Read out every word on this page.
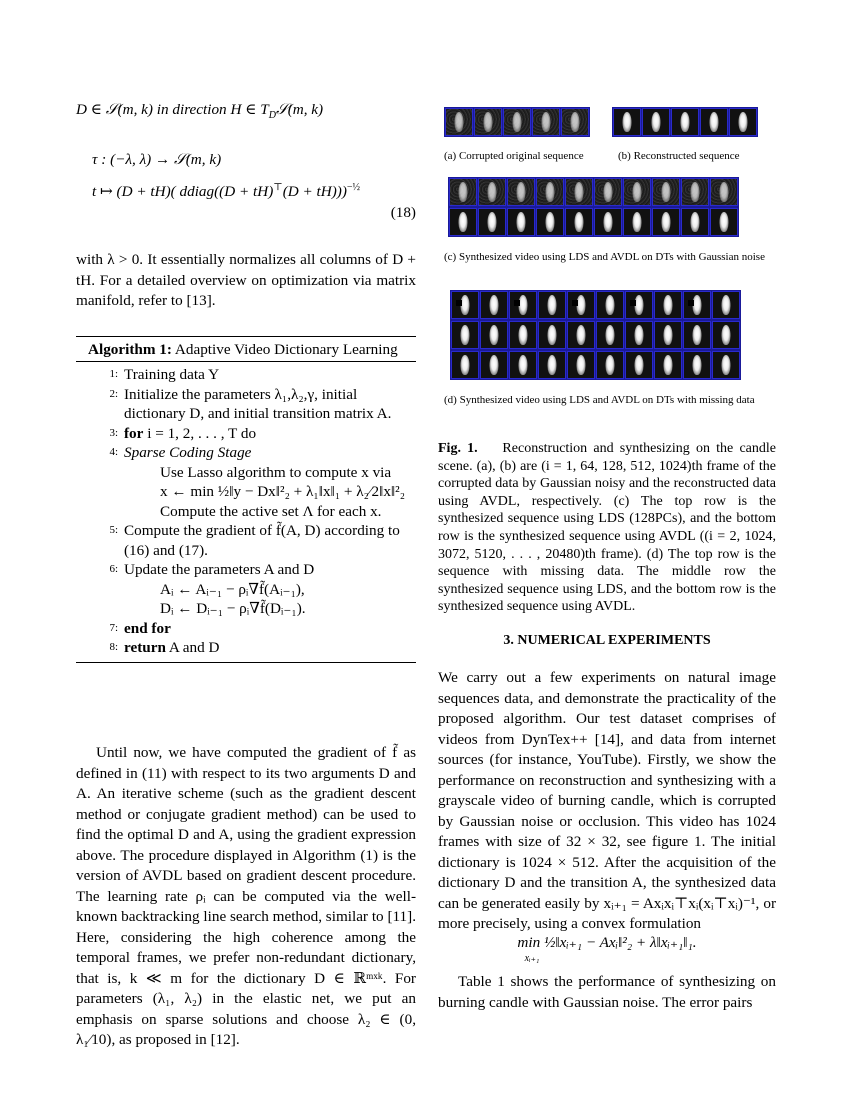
D ∈ 𝒮(m, k) in direction H ∈ $T_D𝒮(m$, k)
τ : (−λ, λ) → 𝒮(m, k)
t ↦ (D + tH)( ddiag((D + tH)⊤(D + tH)))$^{-\frac{1}{2}}$
(18)
with λ > 0. It essentially normalizes all columns of D + tH. For a detailed overview on optimization via matrix manifold, refer to [13].
Algorithm 1: Adaptive Video Dictionary Learning
1: Training data Y
2: Initialize the parameters λ₁,λ₂,γ, initial dictionary D, and initial transition matrix A.
3: for i = 1, 2, . . . , T do
4: Sparse Coding Stage
Use Lasso algorithm to compute x via
x ← min ½‖y − Dx‖²₂ + λ₁‖x‖₁ + λ₂⁄2‖x‖²₂
Compute the active set Λ for each x.
5: Compute the gradient of f̃(A, D) according to (16) and (17).
6: Update the parameters A and D
Aᵢ ← Aᵢ₋₁ − ρᵢ∇f̃(Aᵢ₋₁),
Dᵢ ← Dᵢ₋₁ − ρᵢ∇f̃(Dᵢ₋₁).
7: end for
8: return A and D
Until now, we have computed the gradient of f̃ as defined in (11) with respect to its two arguments D and A. An iterative scheme (such as the gradient descent method or conjugate gradient method) can be used to find the optimal D and A, using the gradient expression above. The procedure displayed in Algorithm (1) is the version of AVDL based on gradient descent procedure. The learning rate ρᵢ can be computed via the well-known backtracking line search method, similar to [11]. Here, considering the high coherence among the temporal frames, we prefer non-redundant dictionary, that is, k ≪ m for the dictionary D ∈ ℝᵐˣᵏ. For parameters (λ₁, λ₂) in the elastic net, we put an emphasis on sparse solutions and choose λ₂ ∈ (0, λ₁⁄10), as proposed in [12].
(a) Corrupted original sequence	(b) Reconstructed sequence
(c) Synthesized video using LDS and AVDL on DTs with Gaussian noise
(d) Synthesized video using LDS and AVDL on DTs with missing data
Fig. 1. Reconstruction and synthesizing on the candle scene. (a), (b) are (i = 1, 64, 128, 512, 1024)th frame of the corrupted data by Gaussian noisy and the reconstructed data using AVDL, respectively. (c) The top row is the synthesized sequence using LDS (128PCs), and the bottom row is the synthesized sequence using AVDL ((i = 2, 1024, 3072, 5120, . . . , 20480)th frame). (d) The top row is the sequence with missing data. The middle row the synthesized sequence using LDS, and the bottom row is the synthesized sequence using AVDL.
3. NUMERICAL EXPERIMENTS
We carry out a few experiments on natural image sequences data, and demonstrate the practicality of the proposed algorithm. Our test dataset comprises of videos from DynTex++ [14], and data from internet sources (for instance, YouTube). Firstly, we show the performance on reconstruction and synthesizing with a grayscale video of burning candle, which is corrupted by Gaussian noise or occlusion. This video has 1024 frames with size of 32 × 32, see figure 1. The initial dictionary is 1024 × 512. After the acquisition of the dictionary D and the transition A, the synthesized data can be generated easily by xᵢ₊₁ = Axᵢxᵢ⊤xᵢ(xᵢ⊤xᵢ)⁻¹, or more precisely, using a convex formulation
min ½‖xᵢ₊₁ − Axᵢ‖²₂ + λ‖xᵢ₊₁‖₁.
xᵢ₊₁
Table 1 shows the performance of synthesizing on burning candle with Gaussian noise. The error pairs
